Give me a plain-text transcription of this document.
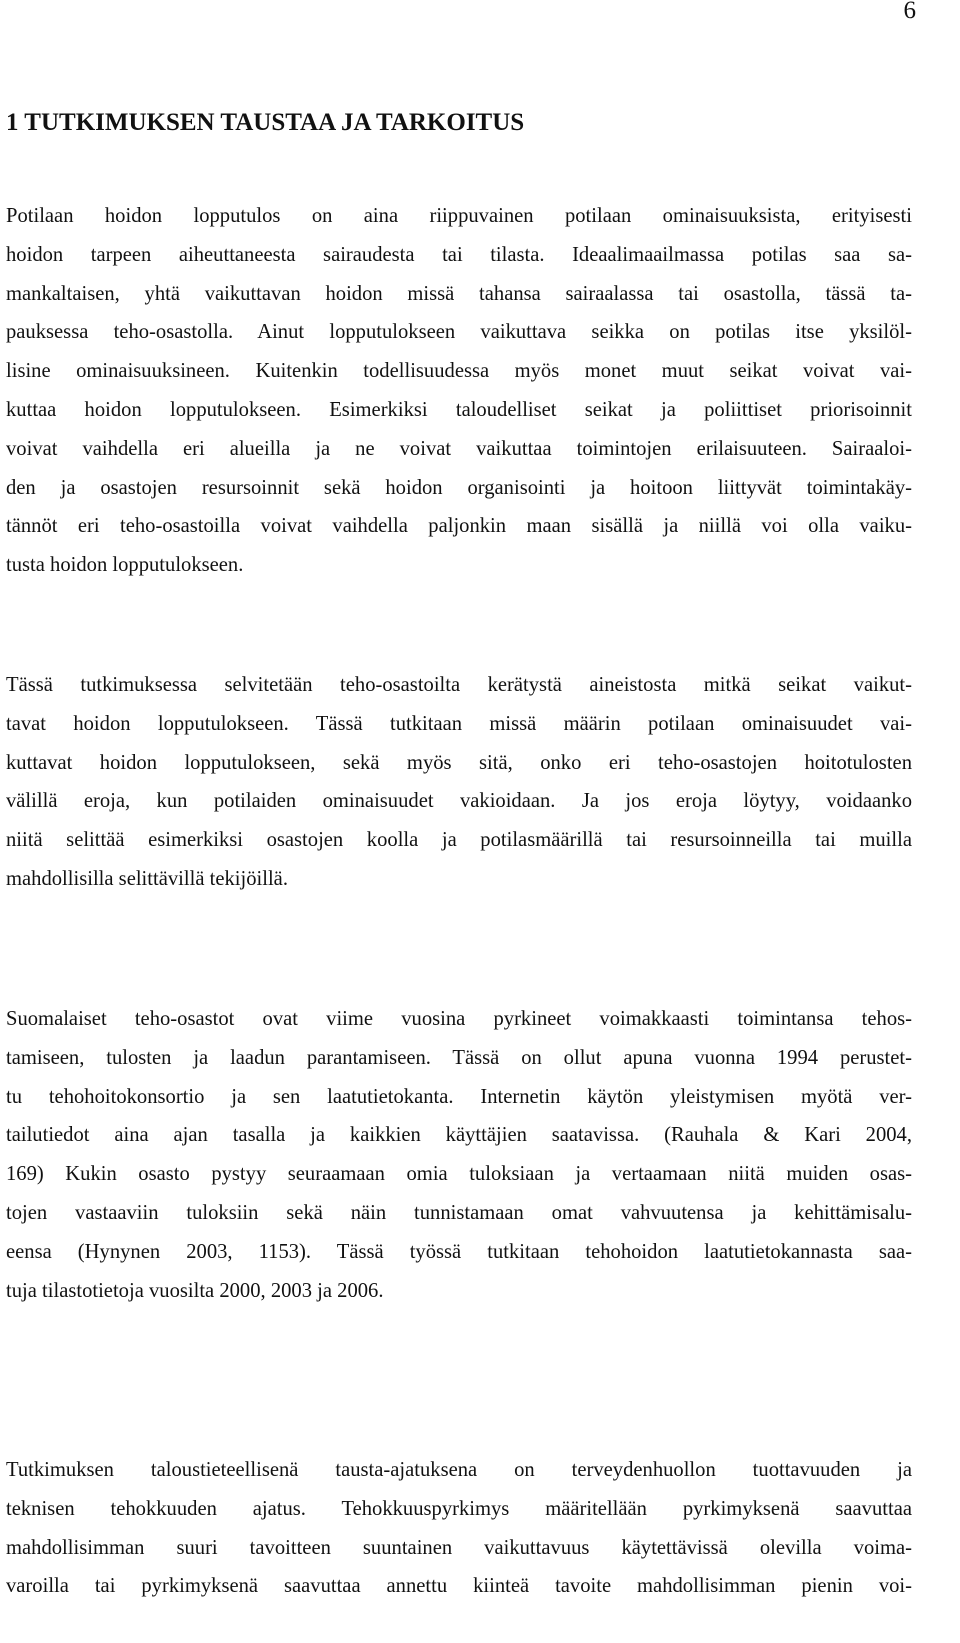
6
1 TUTKIMUKSEN TAUSTAA JA TARKOITUS

Potilaan hoidon lopputulos on aina riippuvainen potilaan ominaisuuksista, erityisesti
hoidon tarpeen aiheuttaneesta sairaudesta tai tilasta. Ideaalimaailmassa potilas saa sa-
mankaltaisen, yhtä vaikuttavan hoidon missä tahansa sairaalassa tai osastolla, tässä ta-
pauksessa teho-osastolla. Ainut lopputulokseen vaikuttava seikka on potilas itse yksilöl-
lisine ominaisuuksineen. Kuitenkin todellisuudessa myös monet muut seikat voivat vai-
kuttaa hoidon lopputulokseen. Esimerkiksi taloudelliset seikat ja poliittiset priorisoinnit
voivat vaihdella eri alueilla ja ne voivat vaikuttaa toimintojen erilaisuuteen. Sairaaloi-
den ja osastojen resursoinnit sekä hoidon organisointi ja hoitoon liittyvät toimintakäy-
tännöt eri teho-osastoilla voivat vaihdella paljonkin maan sisällä ja niillä voi olla vaiku-
tusta hoidon lopputulokseen.

Tässä tutkimuksessa selvitetään teho-osastoilta kerätystä aineistosta mitkä seikat vaikut-
tavat hoidon lopputulokseen. Tässä tutkitaan missä määrin potilaan ominaisuudet vai-
kuttavat hoidon lopputulokseen, sekä myös sitä, onko eri teho-osastojen hoitotulosten
välillä eroja, kun potilaiden ominaisuudet vakioidaan. Ja jos eroja löytyy, voidaanko
niitä selittää esimerkiksi osastojen koolla ja potilasmäärillä tai resursoinneilla tai muilla
mahdollisilla selittävillä tekijöillä.

Suomalaiset teho-osastot ovat viime vuosina pyrkineet voimakkaasti toimintansa tehos-
tamiseen, tulosten ja laadun parantamiseen. Tässä on ollut apuna vuonna 1994 perustet-
tu tehohoitokonsortio ja sen laatutietokanta. Internetin käytön yleistymisen myötä ver-
tailutiedot aina ajan tasalla ja kaikkien käyttäjien saatavissa. (Rauhala & Kari 2004,
169) Kukin osasto pystyy seuraamaan omia tuloksiaan ja vertaamaan niitä muiden osas-
tojen vastaaviin tuloksiin sekä näin tunnistamaan omat vahvuutensa ja kehittämisalu-
eensa (Hynynen 2003, 1153). Tässä työssä tutkitaan tehohoidon laatutietokannasta saa-
tuja tilastotietoja vuosilta 2000, 2003 ja 2006.

Tutkimuksen taloustieteellisenä tausta-ajatuksena on terveydenhuollon tuottavuuden ja
teknisen tehokkuuden ajatus. Tehokkuuspyrkimys määritellään pyrkimyksenä saavuttaa
mahdollisimman suuri tavoitteen suuntainen vaikuttavuus käytettävissä olevilla voima-
varoilla tai pyrkimyksenä saavuttaa annettu kiinteä tavoite mahdollisimman pienin voi-
